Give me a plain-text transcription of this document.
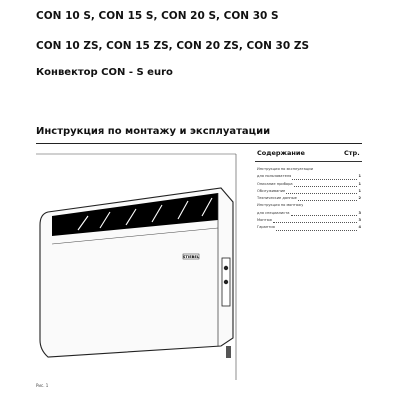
CON 10 S, CON 15 S, CON 20 S, CON 30 S
CON 10 ZS, CON 15 ZS, CON 20 ZS, CON 30 ZS
Конвектор CON - S euro
Инструкция по монтажу и эксплуатации
STIEBEL
Содержание	Стр.
Инструкция по эксплуатации
для пользователя	1
Описание прибора	1
Обслуживание	1
Технические данные	2
Инструкция по монтажу
для специалиста	3
Монтаж	3
Гарантия	4
Рис. 1
